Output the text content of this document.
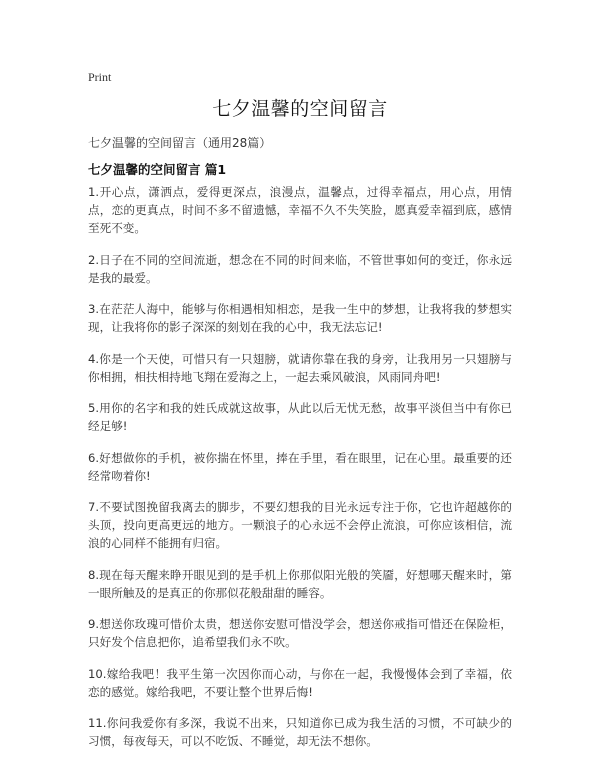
Print
七夕温馨的空间留言
七夕温馨的空间留言（通用28篇）
七夕温馨的空间留言 篇1

1.开心点，潇洒点，爱得更深点，浪漫点，温馨点，过得幸福点，用心点，用情点，恋的更真点，时间不多不留遗憾，幸福不久不失笑脸，愿真爱幸福到底，感情至死不变。

2.日子在不同的空间流逝，想念在不同的时间来临，不管世事如何的变迁，你永远是我的最爱。

3.在茫茫人海中，能够与你相遇相知相恋，是我一生中的梦想，让我将我的梦想实现，让我将你的影子深深的刻划在我的心中，我无法忘记!

4.你是一个天使，可惜只有一只翅膀，就请你靠在我的身旁，让我用另一只翅膀与你相拥，相扶相持地飞翔在爱海之上，一起去乘风破浪，风雨同舟吧!

5.用你的名字和我的姓氏成就这故事，从此以后无忧无愁，故事平淡但当中有你已经足够!

6.好想做你的手机，被你揣在怀里，捧在手里，看在眼里，记在心里。最重要的还经常吻着你!

7.不要试图挽留我离去的脚步，不要幻想我的目光永远专注于你，它也许超越你的头顶，投向更高更远的地方。一颗浪子的心永远不会停止流浪，可你应该相信，流浪的心同样不能拥有归宿。

8.现在每天醒来睁开眼见到的是手机上你那似阳光般的笑靥，好想哪天醒来时，第一眼所触及的是真正的你那似花般甜甜的睡容。

9.想送你玫瑰可惜价太贵，想送你安慰可惜没学会，想送你戒指可惜还在保险柜，只好发个信息把你，追希望我们永不吹。

10.嫁给我吧！我平生第一次因你而心动，与你在一起，我慢慢体会到了幸福，依恋的感觉。嫁给我吧，不要让整个世界后悔!

11.你问我爱你有多深，我说不出来，只知道你已成为我生活的习惯，不可缺少的习惯，每夜每天，可以不吃饭、不睡觉，却无法不想你。
